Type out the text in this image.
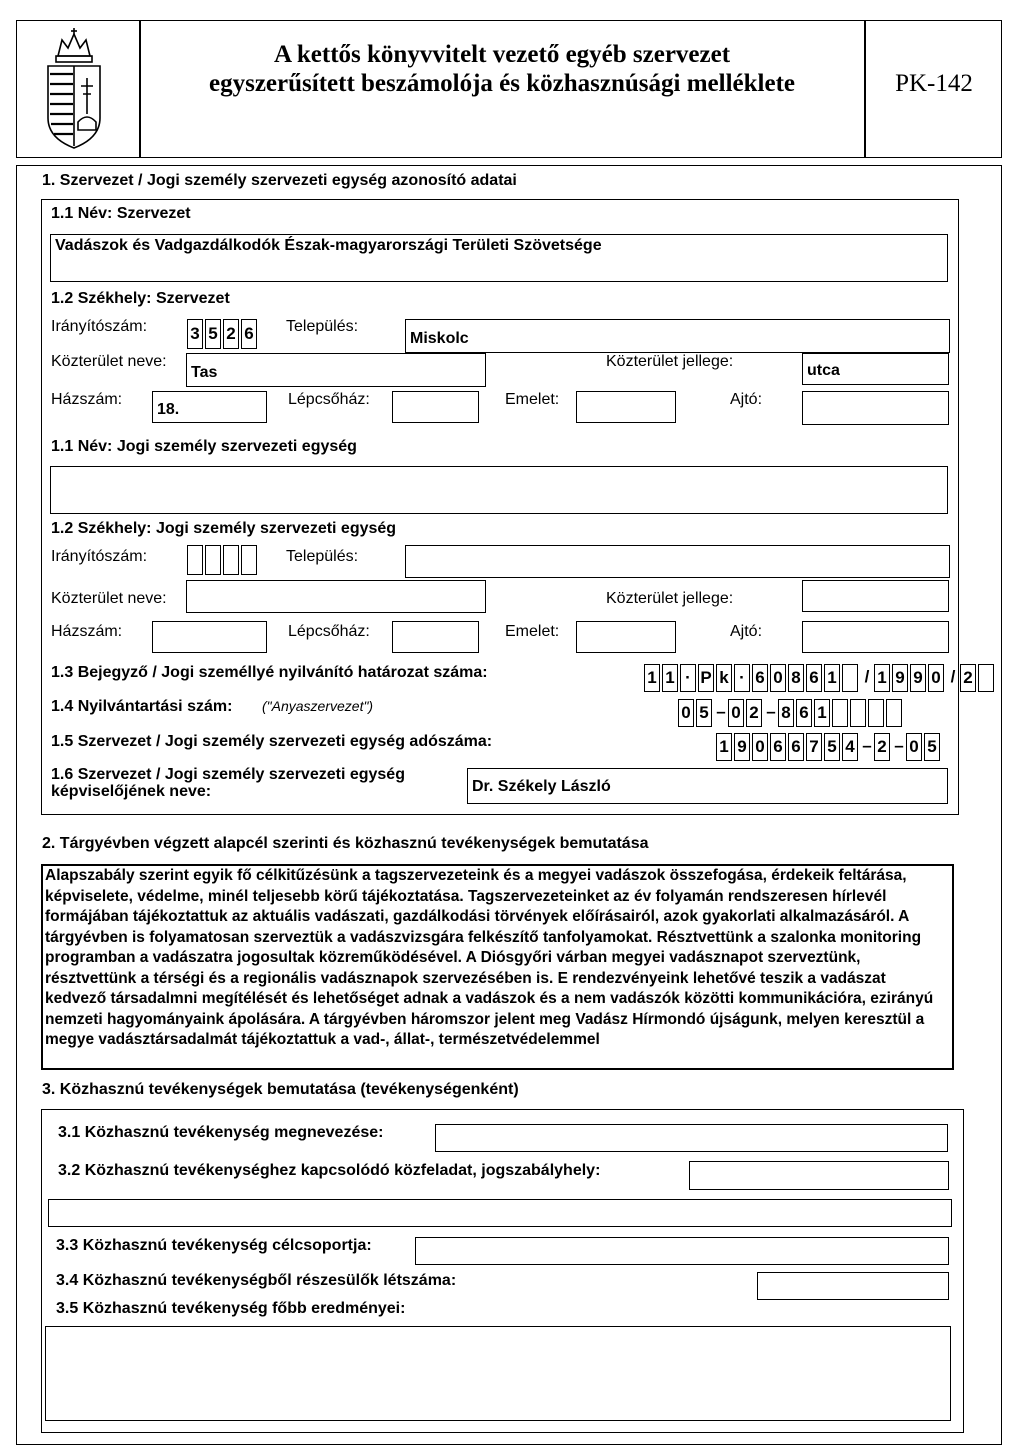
A kettős könyvvitelt vezető egyéb szervezet
egyszerűsített beszámolója és közhasznúsági melléklete	PK-142
1. Szervezet / Jogi személy szervezeti egység azonosító adatai
1.1 Név: Szervezet
Vadászok és Vadgazdálkodók Észak-magyarországi Területi Szövetsége
1.2 Székhely: Szervezet
Irányítószám:	3 5 2 6 Település:
Miskolc
Közterület neve:
Tas
Közterület jellege:
utca
Házszám:
18.
Lépcsőház:	Emelet:	Ajtó:
1.1 Név: Jogi személy szervezeti egység
1.2 Székhely: Jogi személy szervezeti egység
Irányítószám:	Település:
Közterület neve:	Közterület jellege:
Házszám:	Lépcsőház:	Emelet:	Ajtó:
1.3 Bejegyző / Jogi személlyé nyilvánító határozat száma:	1 1 · P k · 6 0 8 6 1 / 1 9 9 0 / 2
1.4 Nyilvántartási szám: ("Anyaszervezet")	0 5 – 0 2 – 8 6 1
1.5 Szervezet / Jogi személy szervezeti egység adószáma:	1 9 0 6 6 7 5 4 – 2 – 0 5
1.6 Szervezet / Jogi személy szervezeti egység
képviselőjének neve:	Dr. Székely László
2. Tárgyévben végzett alapcél szerinti és közhasznú tevékenységek bemutatása
Alapszabály szerint egyik fő célkitűzésünk a tagszervezeteink és a megyei vadászok összefogása, érdekeik feltárása, képviselete, védelme, minél teljesebb körű tájékoztatása. Tagszervezeteinket az év folyamán rendszeresen hírlevél formájában tájékoztattuk az aktuális vadászati, gazdálkodási törvények előírásairól, azok gyakorlati alkalmazásáról. A tárgyévben is folyamatosan szerveztük a vadászvizsgára felkészítő tanfolyamokat. Résztvettünk a szalonka monitoring programban a vadászatra jogosultak közreműködésével. A Diósgyőri várban megyei vadásznapot szerveztünk, résztvettünk a térségi és a regionális vadásznapok szervezésében is. E rendezvényeink lehetővé teszik a vadászat kedvező társadalmni megítélését és lehetőséget adnak a vadászok és a nem vadászók közötti kommunikációra, ezirányú nemzeti hagyományaink ápolására. A tárgyévben háromszor jelent meg Vadász Hírmondó újságunk, melyen keresztül a megye vadásztársadalmát tájékoztattuk a vad-, állat-, természetvédelemmel
3. Közhasznú tevékenységek bemutatása (tevékenységenként)
3.1 Közhasznú tevékenység megnevezése:
3.2 Közhasznú tevékenységhez kapcsolódó közfeladat, jogszabályhely:
3.3 Közhasznú tevékenység célcsoportja:
3.4 Közhasznú tevékenységből részesülők létszáma:
3.5 Közhasznú tevékenység főbb eredményei:
